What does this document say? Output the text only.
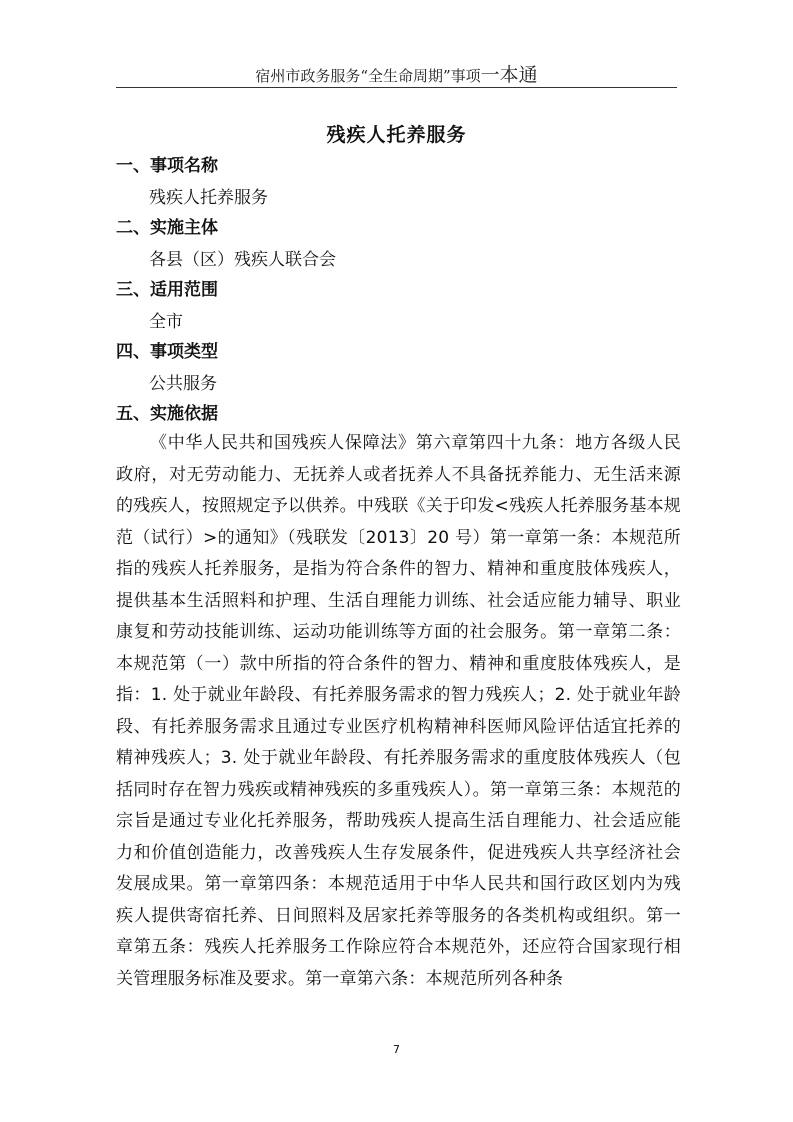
宿州市政务服务“全生命周期”事项一本通
残疾人托养服务
一、事项名称
残疾人托养服务
二、实施主体
各县（区）残疾人联合会
三、适用范围
全市
四、事项类型
公共服务
五、实施依据
《中华人民共和国残疾人保障法》第六章第四十九条：地方各级人民政府，对无劳动能力、无抚养人或者抚养人不具备抚养能力、无生活来源的残疾人，按照规定予以供养。中残联《关于印发<残疾人托养服务基本规范（试行）>的通知》（残联发〔2013〕20 号）第一章第一条：本规范所指的残疾人托养服务，是指为符合条件的智力、精神和重度肢体残疾人，提供基本生活照料和护理、生活自理能力训练、社会适应能力辅导、职业康复和劳动技能训练、运动功能训练等方面的社会服务。第一章第二条：本规范第（一）款中所指的符合条件的智力、精神和重度肢体残疾人，是指：1. 处于就业年龄段、有托养服务需求的智力残疾人；2. 处于就业年龄段、有托养服务需求且通过专业医疗机构精神科医师风险评估适宜托养的精神残疾人；3. 处于就业年龄段、有托养服务需求的重度肢体残疾人（包括同时存在智力残疾或精神残疾的多重残疾人）。第一章第三条：本规范的宗旨是通过专业化托养服务，帮助残疾人提高生活自理能力、社会适应能力和价值创造能力，改善残疾人生存发展条件，促进残疾人共享经济社会发展成果。第一章第四条：本规范适用于中华人民共和国行政区划内为残疾人提供寄宿托养、日间照料及居家托养等服务的各类机构或组织。第一章第五条：残疾人托养服务工作除应符合本规范外，还应符合国家现行相关管理服务标准及要求。第一章第六条：本规范所列各种条
7
